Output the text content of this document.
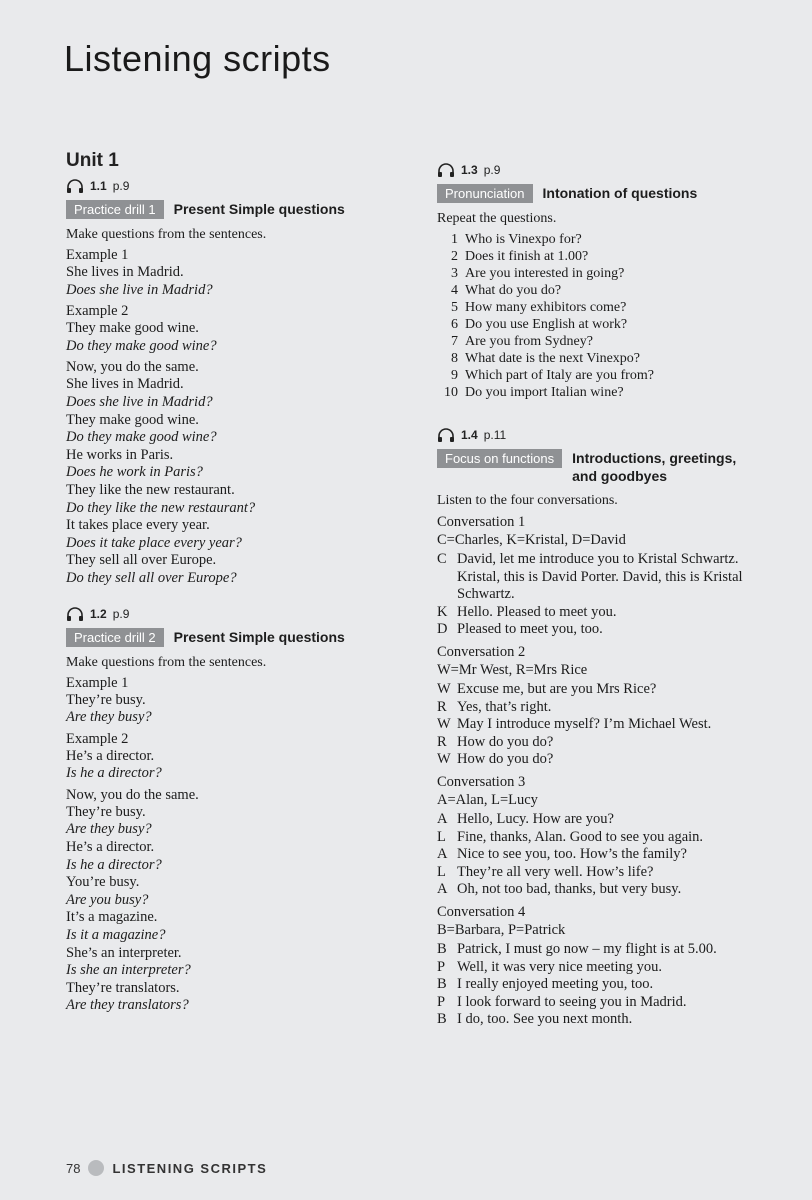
Listening scripts
Unit 1
1.1 p.9
Practice drill 1	Present Simple questions
Make questions from the sentences.
Example 1
She lives in Madrid.
Does she live in Madrid?
Example 2
They make good wine.
Do they make good wine?
Now, you do the same.
She lives in Madrid.
Does she live in Madrid?
They make good wine.
Do they make good wine?
He works in Paris.
Does he work in Paris?
They like the new restaurant.
Do they like the new restaurant?
It takes place every year.
Does it take place every year?
They sell all over Europe.
Do they sell all over Europe?
1.2 p.9
Practice drill 2	Present Simple questions
Make questions from the sentences.
Example 1
They’re busy.
Are they busy?
Example 2
He’s a director.
Is he a director?
Now, you do the same.
They’re busy.
Are they busy?
He’s a director.
Is he a director?
You’re busy.
Are you busy?
It’s a magazine.
Is it a magazine?
She’s an interpreter.
Is she an interpreter?
They’re translators.
Are they translators?
1.3 p.9
Pronunciation	Intonation of questions
Repeat the questions.
1 Who is Vinexpo for?
2 Does it finish at 1.00?
3 Are you interested in going?
4 What do you do?
5 How many exhibitors come?
6 Do you use English at work?
7 Are you from Sydney?
8 What date is the next Vinexpo?
9 Which part of Italy are you from?
10 Do you import Italian wine?
1.4 p.11
Focus on functions	Introductions, greetings,
and goodbyes
Listen to the four conversations.
Conversation 1
C=Charles, K=Kristal, D=David
C David, let me introduce you to Kristal Schwartz. Kristal, this is David Porter. David, this is Kristal Schwartz.
K Hello. Pleased to meet you.
D Pleased to meet you, too.
Conversation 2
W=Mr West, R=Mrs Rice
W Excuse me, but are you Mrs Rice?
R Yes, that’s right.
W May I introduce myself? I’m Michael West.
R How do you do?
W How do you do?
Conversation 3
A=Alan, L=Lucy
A Hello, Lucy. How are you?
L Fine, thanks, Alan. Good to see you again.
A Nice to see you, too. How’s the family?
L They’re all very well. How’s life?
A Oh, not too bad, thanks, but very busy.
Conversation 4
B=Barbara, P=Patrick
B Patrick, I must go now – my flight is at 5.00.
P Well, it was very nice meeting you.
B I really enjoyed meeting you, too.
P I look forward to seeing you in Madrid.
B I do, too. See you next month.
78 LISTENING SCRIPTS
